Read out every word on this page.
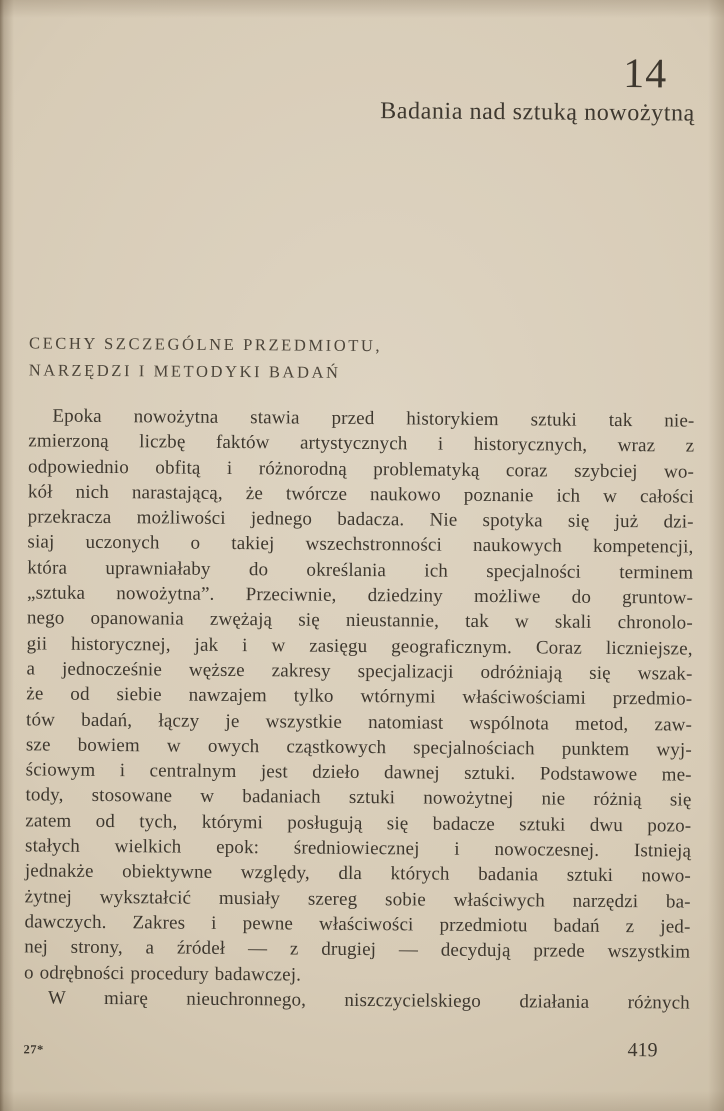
14
Badania nad sztuką nowożytną
CECHY SZCZEGÓLNE PRZEDMIOTU,
NARZĘDZI I METODYKI BADAŃ
Epoka nowożytna stawia przed historykiem sztuki tak nie-
zmierzoną liczbę faktów artystycznych i historycznych, wraz z
odpowiednio obfitą i różnorodną problematyką coraz szybciej wo-
kół nich narastającą, że twórcze naukowo poznanie ich w całości
przekracza możliwości jednego badacza. Nie spotyka się już dzi-
siaj uczonych o takiej wszechstronności naukowych kompetencji,
która uprawniałaby do określania ich specjalności terminem
„sztuka nowożytna”. Przeciwnie, dziedziny możliwe do gruntow-
nego opanowania zwężają się nieustannie, tak w skali chronolo-
gii historycznej, jak i w zasięgu geograficznym. Coraz liczniejsze,
a jednocześnie węższe zakresy specjalizacji odróżniają się wszak-
że od siebie nawzajem tylko wtórnymi właściwościami przedmio-
tów badań, łączy je wszystkie natomiast wspólnota metod, zaw-
sze bowiem w owych cząstkowych specjalnościach punktem wyj-
ściowym i centralnym jest dzieło dawnej sztuki. Podstawowe me-
tody, stosowane w badaniach sztuki nowożytnej nie różnią się
zatem od tych, którymi posługują się badacze sztuki dwu pozo-
stałych wielkich epok: średniowiecznej i nowoczesnej. Istnieją
jednakże obiektywne względy, dla których badania sztuki nowo-
żytnej wykształcić musiały szereg sobie właściwych narzędzi ba-
dawczych. Zakres i pewne właściwości przedmiotu badań z jed-
nej strony, a źródeł — z drugiej — decydują przede wszystkim
o odrębności procedury badawczej.
W miarę nieuchronnego, niszczycielskiego działania różnych
27*	419
